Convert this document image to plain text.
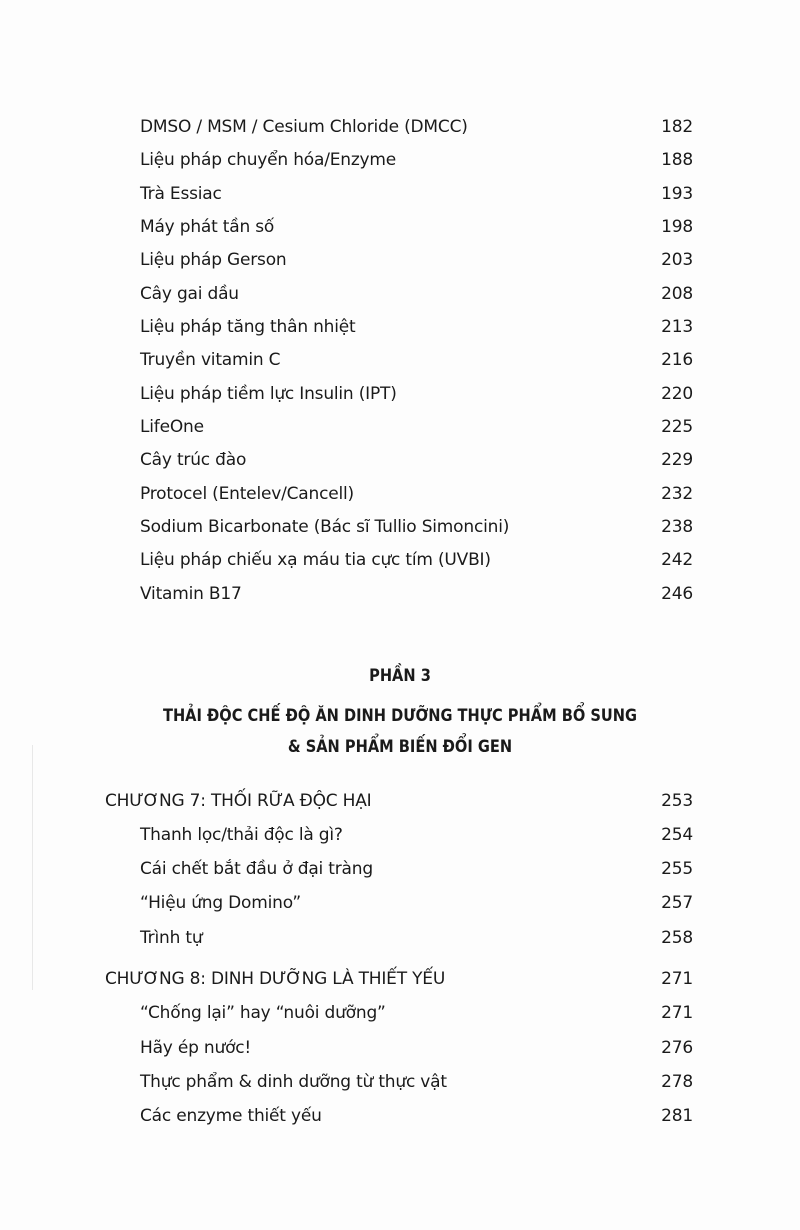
DMSO / MSM / Cesium Chloride (DMCC)	182
Liệu pháp chuyển hóa/Enzyme	188
Trà Essiac	193
Máy phát tần số	198
Liệu pháp Gerson	203
Cây gai dầu	208
Liệu pháp tăng thân nhiệt	213
Truyền vitamin C	216
Liệu pháp tiềm lực Insulin (IPT)	220
LifeOne	225
Cây trúc đào	229
Protocel (Entelev/Cancell)	232
Sodium Bicarbonate (Bác sĩ Tullio Simoncini)	238
Liệu pháp chiếu xạ máu tia cực tím (UVBI)	242
Vitamin B17	246
PHẦN 3
THẢI ĐỘC CHẾ ĐỘ ĂN DINH DƯỠNG THỰC PHẨM BỔ SUNG
& SẢN PHẨM BIẾN ĐỔI GEN
CHƯƠNG 7: THỐI RỮA ĐỘC HẠI	253
Thanh lọc/thải độc là gì?	254
Cái chết bắt đầu ở đại tràng	255
“Hiệu ứng Domino”	257
Trình tự	258
CHƯƠNG 8: DINH DƯỠNG LÀ THIẾT YẾU	271
“Chống lại” hay “nuôi dưỡng”	271
Hãy ép nước!	276
Thực phẩm & dinh dưỡng từ thực vật	278
Các enzyme thiết yếu	281
